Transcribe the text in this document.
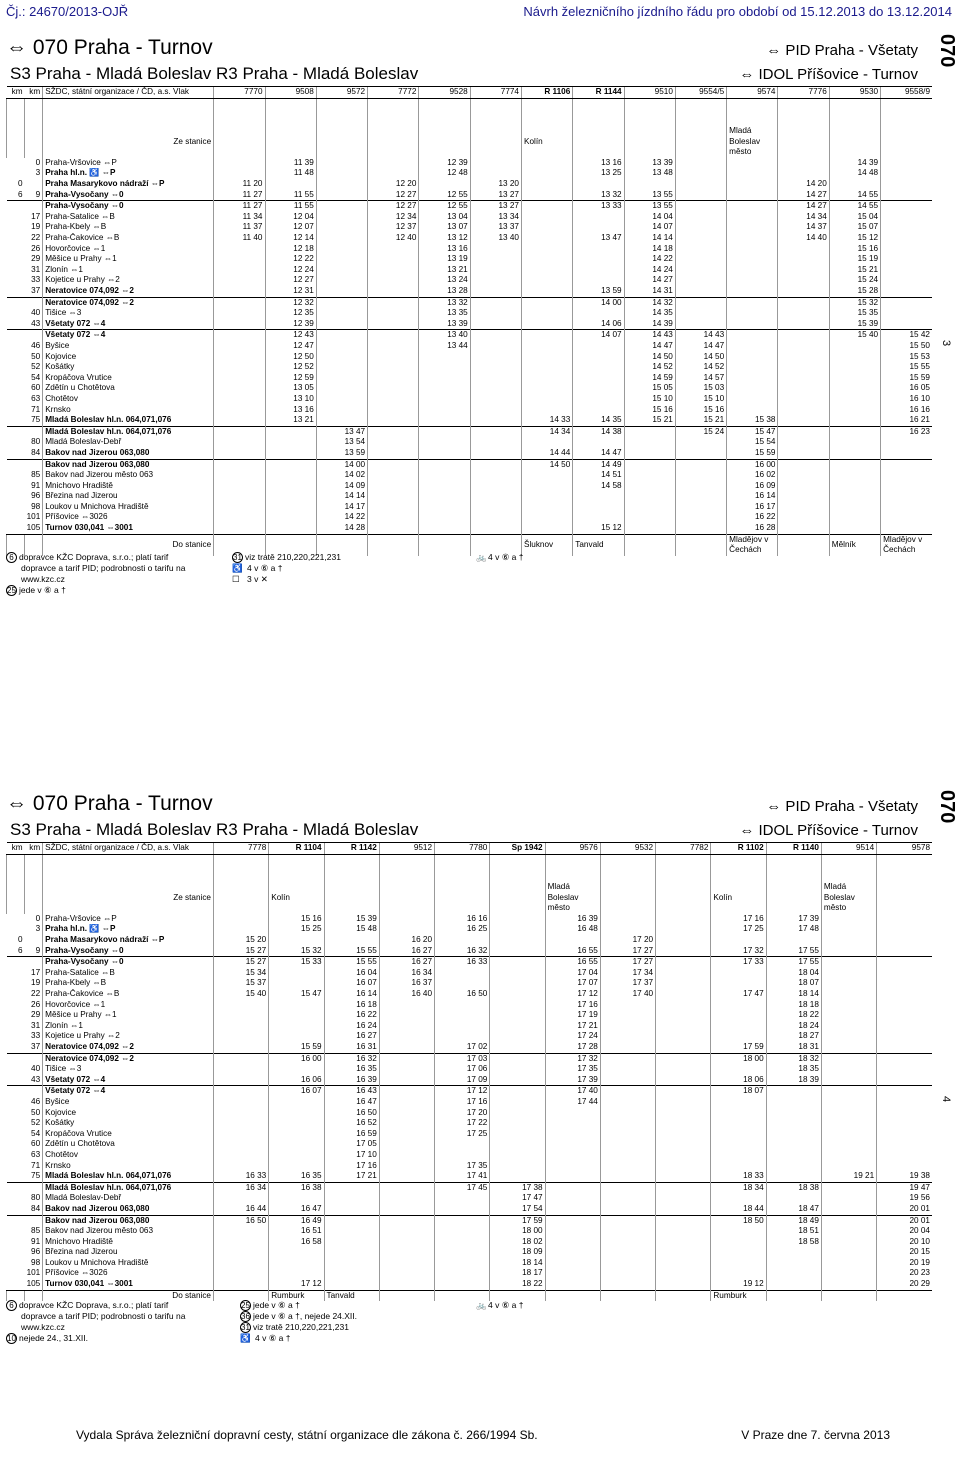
Čj.: 24670/2013-OJŘ	Návrh železničního jízdního řádu pro období od 15.12.2013 do 13.12.2014
⇔ 070 Praha - Turnov
S3 Praha - Mladá Boleslav R3 Praha - Mladá Boleslav
⇔ PID Praha - Všetaty
⇔ IDOL Příšovice - Turnov
070
3
km	km	SŽDC, státní organizace / ČD, a.s. Vlak	7770	9508	9572	7772	9528	7774	R 1106	R 1144	9510	9554/5	9574	7776	9530	9558/9

		Ze stanice							Kolín				Mladá Boleslav město			
	0	Praha-Vršovice ⇔P		11 39			12 39			13 16	13 39				14 39	
	3	Praha hl.n. ♿ ⇔P		11 48			12 48			13 25	13 48				14 48	
0		Praha Masarykovo nádraží ⇔P	11 20			12 20		13 20						14 20		
6	9	Praha-Vysočany ⇔0	11 27	11 55		12 27	12 55	13 27		13 32	13 55			14 27	14 55	
		Praha-Vysočany ⇔0	11 27	11 55		12 27	12 55	13 27		13 33	13 55			14 27	14 55	
	17	Praha-Satalice ⇔B	11 34	12 04		12 34	13 04	13 34			14 04			14 34	15 04	
	19	Praha-Kbely ⇔B	11 37	12 07		12 37	13 07	13 37			14 07			14 37	15 07	
	22	Praha-Čakovice ⇔B	11 40	12 14		12 40	13 12	13 40		13 47	14 14			14 40	15 12	
	26	Hovorčovice ⇔1		12 18			13 16				14 18				15 16	
	29	Měšice u Prahy ⇔1		12 22			13 19				14 22				15 19	
	31	Zlonín ⇔1		12 24			13 21				14 24				15 21	
	33	Kojetice u Prahy ⇔2		12 27			13 24				14 27				15 24	
	37	Neratovice 074,092 ⇔2		12 31			13 28			13 59	14 31				15 28	
		Neratovice 074,092 ⇔2		12 32			13 32			14 00	14 32				15 32	
	40	Tišice ⇔3		12 35			13 35				14 35				15 35	
	43	Všetaty 072 ⇔4		12 39			13 39			14 06	14 39				15 39	
		Všetaty 072 ⇔4		12 43			13 40			14 07	14 43	14 43			15 40	15 42
	46	Byšice		12 47			13 44				14 47	14 47				15 50
	50	Kojovice		12 50							14 50	14 50				15 53
	52	Košátky		12 52							14 52	14 52				15 55
	54	Kropáčova Vrutice		12 59							14 59	14 57				15 59
	60	Zdětín u Chotětova		13 05							15 05	15 03				16 05
	63	Chotětov		13 10							15 10	15 10				16 10
	71	Krnsko		13 16							15 16	15 16				16 16
	75	Mladá Boleslav hl.n. 064,071,076		13 21					14 33	14 35	15 21	15 21	15 38			16 21
		Mladá Boleslav hl.n. 064,071,076			13 47				14 34	14 38		15 24	15 47			16 23
	80	Mladá Boleslav-Debř			13 54								15 54			
	84	Bakov nad Jizerou 063,080			13 59				14 44	14 47			15 59			
		Bakov nad Jizerou 063,080			14 00				14 50	14 49			16 00			
	85	Bakov nad Jizerou město 063			14 02					14 51			16 02			
	91	Mnichovo Hradiště			14 09					14 58			16 09			
	96	Březina nad Jizerou			14 14								16 14			
	98	Loukov u Mnichova Hradiště			14 17								16 17			
	101	Příšovice ⇔3026			14 22								16 22			
	105	Turnov 030,041 ⇔3001			14 28					15 12			16 28			
		Do stanice							Šluknov	Tanvald			Mladějov v Čechách		Mělník	Mladějov v Čechách
6 dopravce KŽC Doprava, s.r.o.; platí tarif
dopravce a tarif PID; podrobnosti o tarifu na
www.kzc.cz
25 jede v ⑥ a †
31 viz tratě 210,220,221,231
♿ 4 v ⑥ a †
☐ 3 v ✕
🚲4 v ⑥ a †
⇔ 070 Praha - Turnov
S3 Praha - Mladá Boleslav R3 Praha - Mladá Boleslav
⇔ PID Praha - Všetaty
⇔ IDOL Příšovice - Turnov
070
4
km	km	SŽDC, státní organizace / ČD, a.s. Vlak	7778	R 1104	R 1142	9512	7780	Sp 1942	9576	9532	7782	R 1102	R 1140	9514	9578

		Ze stanice		Kolín					Mladá Boleslav město			Kolín		Mladá Boleslav město	
	0	Praha-Vršovice ⇔P		15 16	15 39		16 16		16 39			17 16	17 39		
	3	Praha hl.n. ♿ ⇔P		15 25	15 48		16 25		16 48			17 25	17 48		
0		Praha Masarykovo nádraží ⇔P	15 20			16 20				17 20					
6	9	Praha-Vysočany ⇔0	15 27	15 32	15 55	16 27	16 32		16 55	17 27		17 32	17 55		
		Praha-Vysočany ⇔0	15 27	15 33	15 55	16 27	16 33		16 55	17 27		17 33	17 55		
	17	Praha-Satalice ⇔B	15 34		16 04	16 34			17 04	17 34			18 04		
	19	Praha-Kbely ⇔B	15 37		16 07	16 37			17 07	17 37			18 07		
	22	Praha-Čakovice ⇔B	15 40	15 47	16 14	16 40	16 50		17 12	17 40		17 47	18 14		
	26	Hovorčovice ⇔1			16 18				17 16				18 18		
	29	Měšice u Prahy ⇔1			16 22				17 19				18 22		
	31	Zlonín ⇔1			16 24				17 21				18 24		
	33	Kojetice u Prahy ⇔2			16 27				17 24				18 27		
	37	Neratovice 074,092 ⇔2		15 59	16 31		17 02		17 28			17 59	18 31		
		Neratovice 074,092 ⇔2		16 00	16 32		17 03		17 32			18 00	18 32		
	40	Tišice ⇔3			16 35		17 06		17 35				18 35		
	43	Všetaty 072 ⇔4		16 06	16 39		17 09		17 39			18 06	18 39		
		Všetaty 072 ⇔4		16 07	16 43		17 12		17 40			18 07			
	46	Byšice			16 47		17 16		17 44						
	50	Kojovice			16 50		17 20								
	52	Košátky			16 52		17 22								
	54	Kropáčova Vrutice			16 59		17 25								
	60	Zdětín u Chotětova			17 05										
	63	Chotětov			17 10										
	71	Krnsko			17 16		17 35								
	75	Mladá Boleslav hl.n. 064,071,076	16 33	16 35	17 21		17 41					18 33		19 21	19 38
		Mladá Boleslav hl.n. 064,071,076	16 34	16 38			17 45	17 38				18 34	18 38		19 47
	80	Mladá Boleslav-Debř						17 47							19 56
	84	Bakov nad Jizerou 063,080	16 44	16 47				17 54				18 44	18 47		20 01
		Bakov nad Jizerou 063,080	16 50	16 49				17 59				18 50	18 49		20 01
	85	Bakov nad Jizerou město 063		16 51				18 00					18 51		20 04
	91	Mnichovo Hradiště		16 58				18 02					18 58		20 10
	96	Březina nad Jizerou						18 09							20 15
	98	Loukov u Mnichova Hradiště						18 14							20 19
	101	Příšovice ⇔3026						18 17							20 23
	105	Turnov 030,041 ⇔3001		17 12				18 22				19 12			20 29
		Do stanice		Rumburk	Tanvald							Rumburk			
6 dopravce KŽC Doprava, s.r.o.; platí tarif
dopravce a tarif PID; podrobnosti o tarifu na
www.kzc.cz
10 nejede 24., 31.XII.
25 jede v ⑥ a †
36 jede v ⑥ a †, nejede 24.XII.
31 viz tratě 210,220,221,231
♿ 4 v ⑥ a †
🚲4 v ⑥ a †
Vydala Správa železniční dopravní cesty, státní organizace dle zákona č. 266/1994 Sb.	V Praze dne 7. června 2013
